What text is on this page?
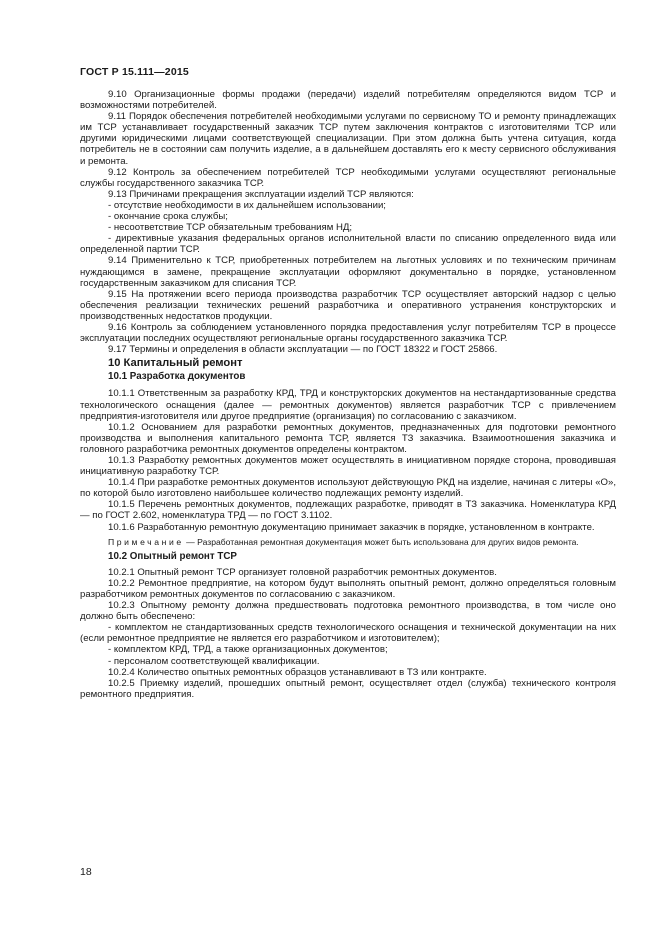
ГОСТ Р 15.111—2015

9.10 Организационные формы продажи (передачи) изделий потребителям определяются видом ТСР и возможностями потребителей.

9.11 Порядок обеспечения потребителей необходимыми услугами по сервисному ТО и ремонту принадлежащих им ТСР устанавливает государственный заказчик ТСР путем заключения контрактов с изготовителями ТСР или другими юридическими лицами соответствующей специализации. При этом должна быть учтена ситуация, когда потребитель не в состоянии сам получить изделие, а в дальнейшем доставлять его к месту сервисного обслуживания и ремонта.

9.12 Контроль за обеспечением потребителей ТСР необходимыми услугами осуществляют региональные службы государственного заказчика ТСР.

9.13 Причинами прекращения эксплуатации изделий ТСР являются:

- отсутствие необходимости в их дальнейшем использовании;

- окончание срока службы;

- несоответствие ТСР обязательным требованиям НД;

- директивные указания федеральных органов исполнительной власти по списанию определенного вида или определенной партии ТСР.

9.14 Применительно к ТСР, приобретенных потребителем на льготных условиях и по техническим причинам нуждающимся в замене, прекращение эксплуатации оформляют документально в порядке, установленном государственным заказчиком для списания ТСР.

9.15 На протяжении всего периода производства разработчик ТСР осуществляет авторский надзор с целью обеспечения реализации технических решений разработчика и оперативного устранения конструкторских и производственных недостатков продукции.

9.16 Контроль за соблюдением установленного порядка предоставления услуг потребителям ТСР в процессе эксплуатации последних осуществляют региональные органы государственного заказчика ТСР.

9.17 Термины и определения в области эксплуатации — по ГОСТ 18322 и ГОСТ 25866.

10 Капитальный ремонт

10.1 Разработка документов

10.1.1 Ответственным за разработку КРД, ТРД и конструкторских документов на нестандартизованные средства технологического оснащения (далее — ремонтных документов) является разработчик ТСР с привлечением предприятия-изготовителя или другое предприятие (организация) по согласованию с заказчиком.

10.1.2 Основанием для разработки ремонтных документов, предназначенных для подготовки ремонтного производства и выполнения капитального ремонта ТСР, является ТЗ заказчика. Взаимоотношения заказчика и головного разработчика ремонтных документов определены контрактом.

10.1.3 Разработку ремонтных документов может осуществлять в инициативном порядке сторона, проводившая инициативную разработку ТСР.

10.1.4 При разработке ремонтных документов используют действующую РКД на изделие, начиная с литеры «О», по которой было изготовлено наибольшее количество подлежащих ремонту изделий.

10.1.5 Перечень ремонтных документов, подлежащих разработке, приводят в ТЗ заказчика. Номенклатура КРД — по ГОСТ 2.602, номенклатура ТРД — по ГОСТ 3.1102.

10.1.6 Разработанную ремонтную документацию принимает заказчик в порядке, установленном в контракте.

Примечание — Разработанная ремонтная документация может быть использована для других видов ремонта.

10.2 Опытный ремонт ТСР

10.2.1 Опытный ремонт ТСР организует головной разработчик ремонтных документов.

10.2.2 Ремонтное предприятие, на котором будут выполнять опытный ремонт, должно определяться головным разработчиком ремонтных документов по согласованию с заказчиком.

10.2.3 Опытному ремонту должна предшествовать подготовка ремонтного производства, в том числе оно должно быть обеспечено:

- комплектом не стандартизованных средств технологического оснащения и технической документации на них (если ремонтное предприятие не является его разработчиком и изготовителем);

- комплектом КРД, ТРД, а также организационных документов;

- персоналом соответствующей квалификации.

10.2.4 Количество опытных ремонтных образцов устанавливают в ТЗ или контракте.

10.2.5 Приемку изделий, прошедших опытный ремонт, осуществляет отдел (служба) технического контроля ремонтного предприятия.

18
